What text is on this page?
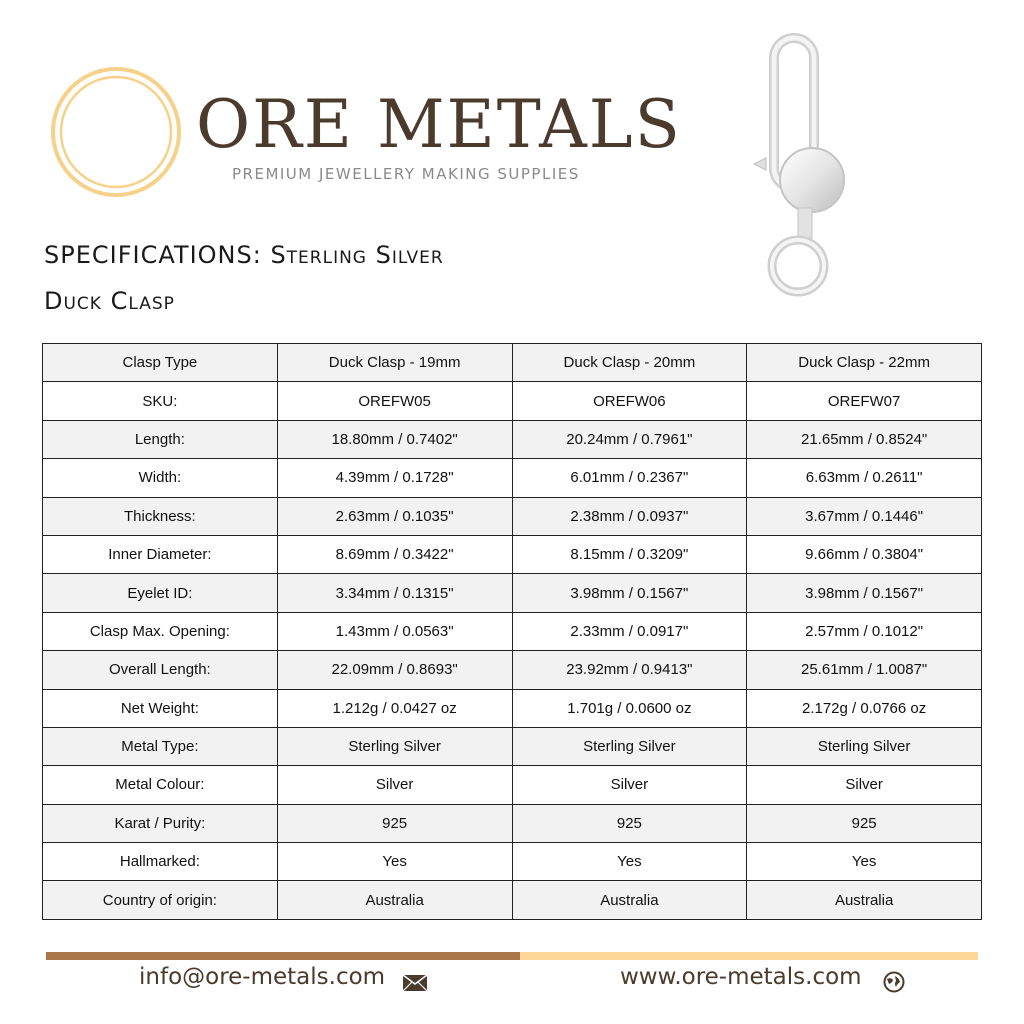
ORE METALS
PREMIUM JEWELLERY MAKING SUPPLIES
SPECIFICATIONS: Sterling Silver
Duck Clasp
Clasp Type	Duck Clasp - 19mm	Duck Clasp - 20mm	Duck Clasp - 22mm
SKU:	OREFW05	OREFW06	OREFW07
Length:	18.80mm / 0.7402"	20.24mm / 0.7961"	21.65mm / 0.8524"
Width:	4.39mm / 0.1728"	6.01mm / 0.2367"	6.63mm / 0.2611"
Thickness:	2.63mm / 0.1035"	2.38mm / 0.0937"	3.67mm / 0.1446"
Inner Diameter:	8.69mm / 0.3422"	8.15mm / 0.3209"	9.66mm / 0.3804"
Eyelet ID:	3.34mm / 0.1315"	3.98mm / 0.1567"	3.98mm / 0.1567"
Clasp Max. Opening:	1.43mm / 0.0563"	2.33mm / 0.0917"	2.57mm / 0.1012"
Overall Length:	22.09mm / 0.8693"	23.92mm / 0.9413"	25.61mm / 1.0087"
Net Weight:	1.212g / 0.0427 oz	1.701g / 0.0600 oz	2.172g / 0.0766 oz
Metal Type:	Sterling Silver	Sterling Silver	Sterling Silver
Metal Colour:	Silver	Silver	Silver
Karat / Purity:	925	925	925
Hallmarked:	Yes	Yes	Yes
Country of origin:	Australia	Australia	Australia
info@ore-metals.com	www.ore-metals.com
